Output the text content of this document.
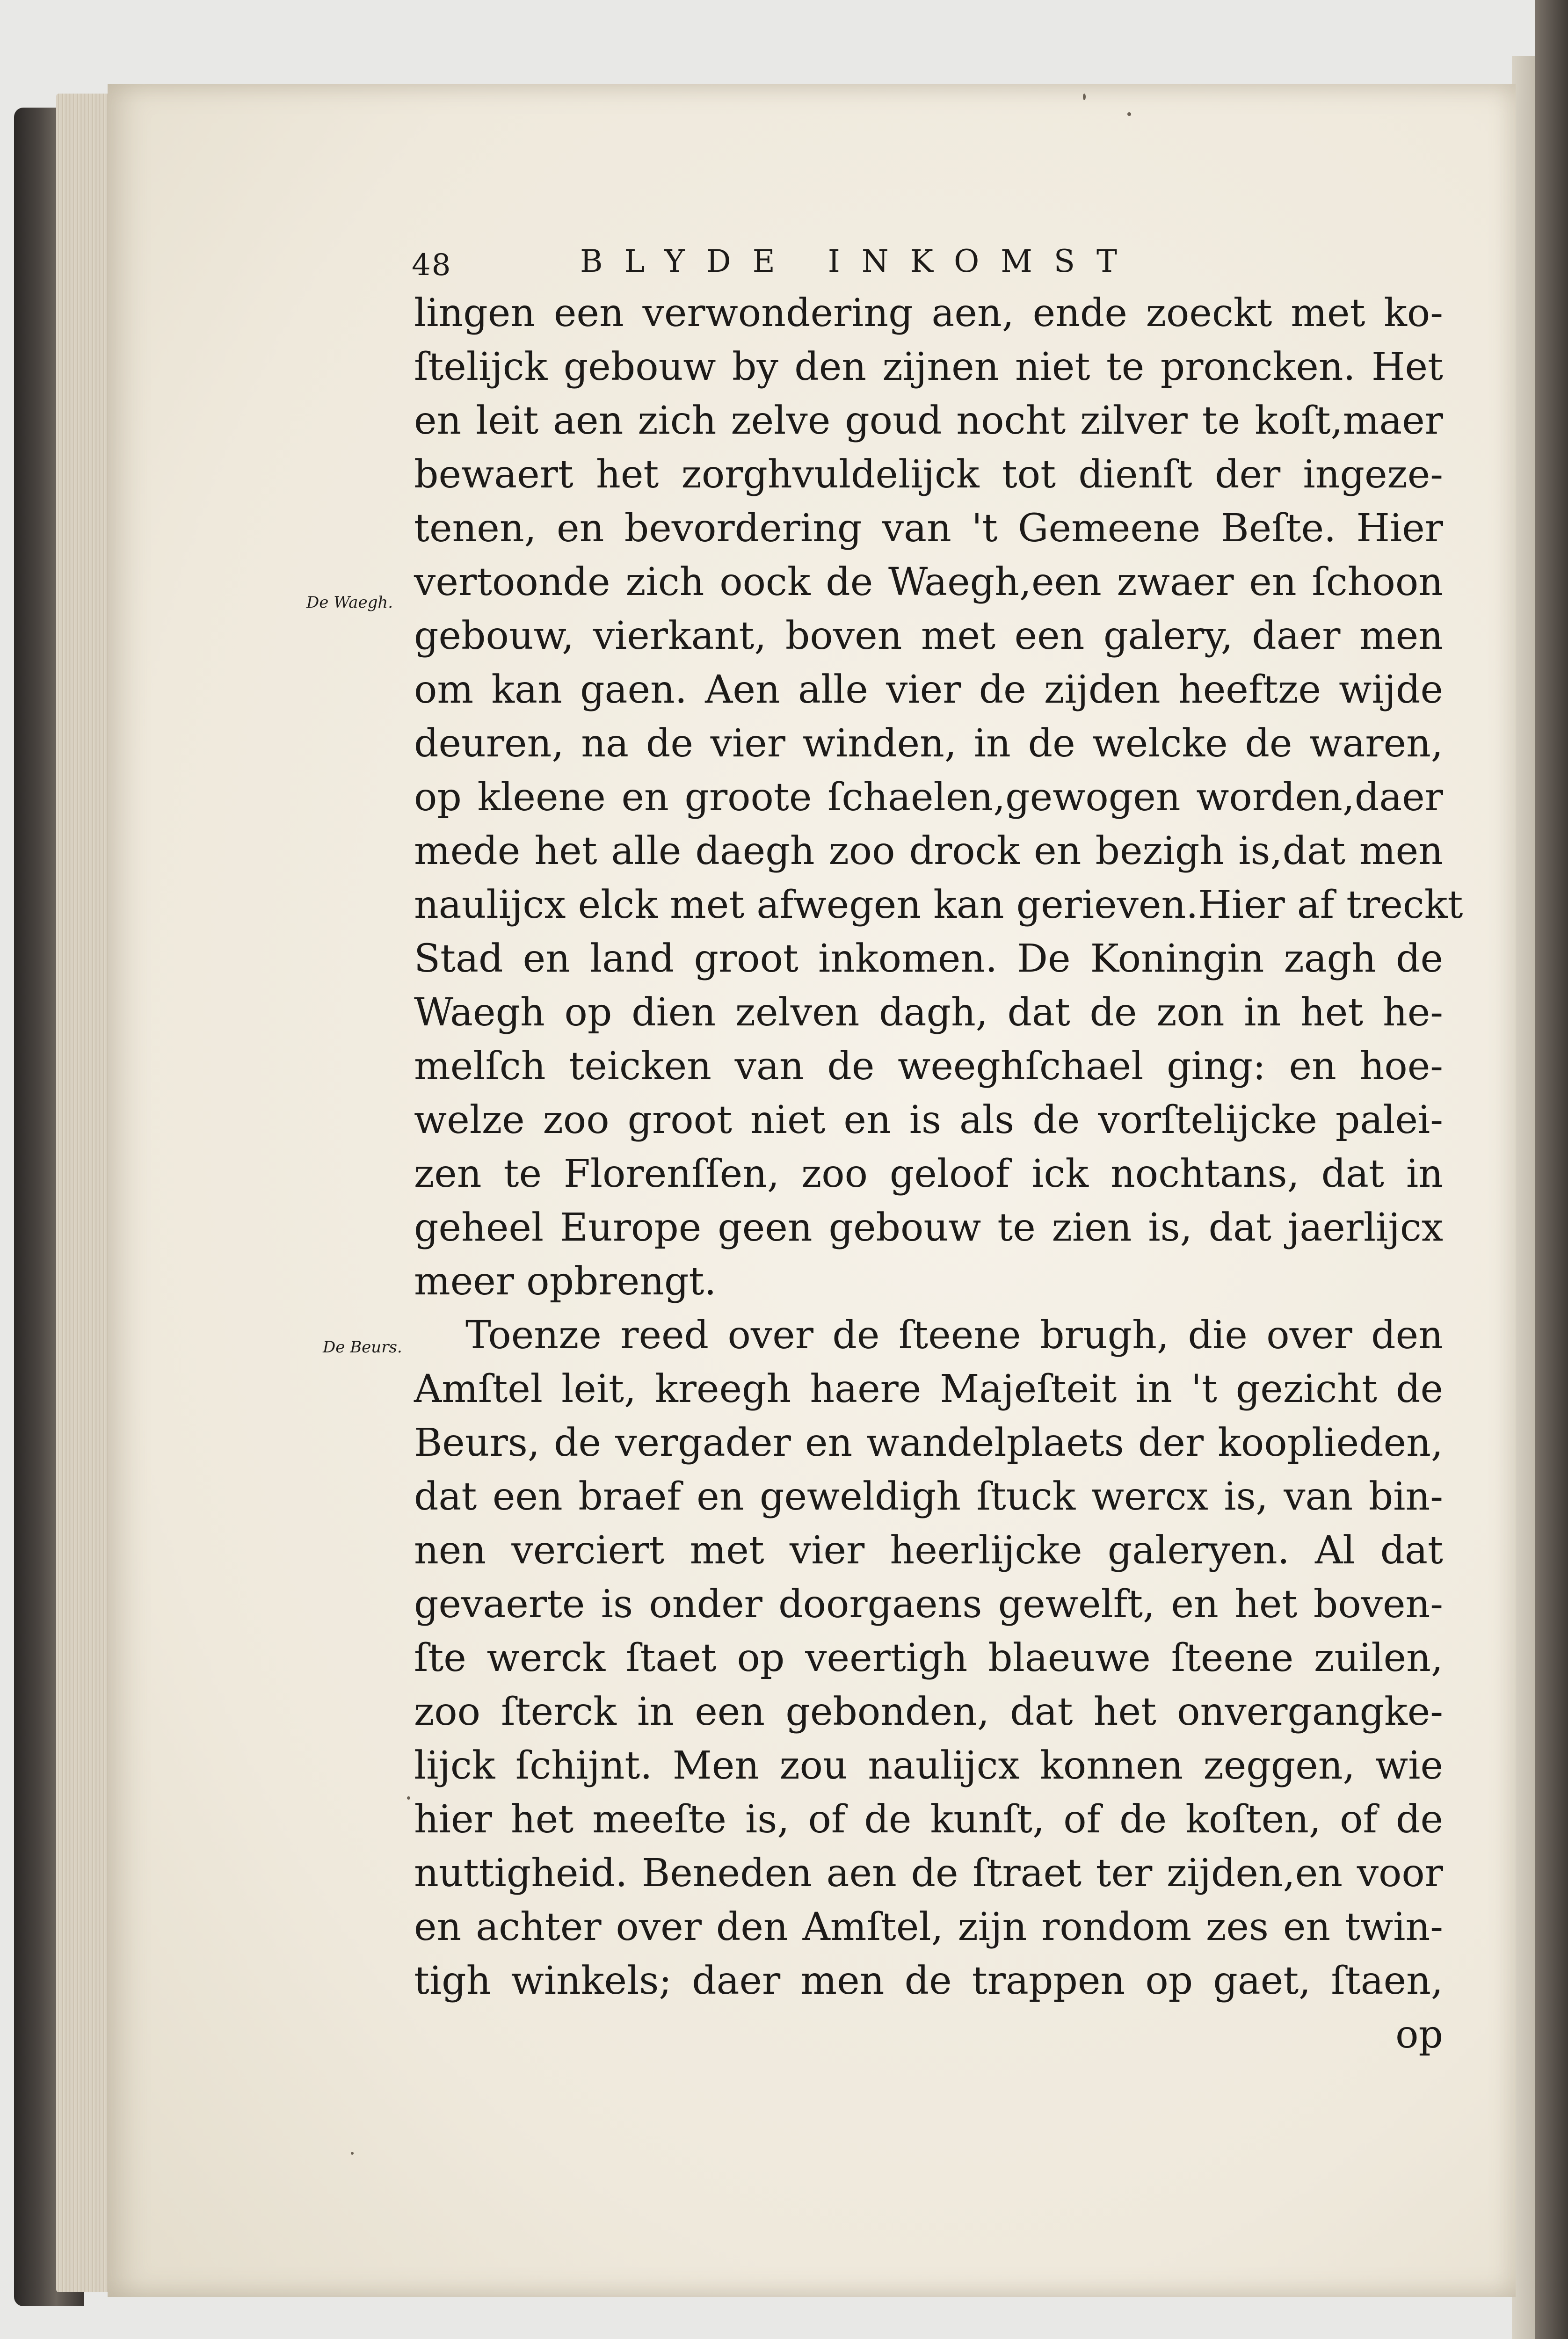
48	BLYDE INKOMST
De Waegh.
De Beurs.
lingen een verwondering aen, ende zoeckt met ko-
ſtelijck gebouw by den zijnen niet te proncken. Het
en leit aen zich zelve goud nocht zilver te koſt,maer
bewaert het zorghvuldelijck tot dienſt der ingeze-
tenen, en bevordering van 't Gemeene Beſte. Hier
vertoonde zich oock de Waegh,een zwaer en ſchoon
gebouw, vierkant, boven met een galery, daer men
om kan gaen. Aen alle vier de zijden heeftze wijde
deuren, na de vier winden, in de welcke de waren,
op kleene en groote ſchaelen,gewogen worden,daer
mede het alle daegh zoo drock en bezigh is,dat men
naulijcx elck met afwegen kan gerieven.Hier af treckt
Stad en land groot inkomen. De Koningin zagh de
Waegh op dien zelven dagh, dat de zon in het he-
melſch teicken van de weeghſchael ging: en hoe-
welze zoo groot niet en is als de vorſtelijcke palei-
zen te Florenſſen, zoo geloof ick nochtans, dat in
geheel Europe geen gebouw te zien is, dat jaerlijcx
meer opbrengt.
Toenze reed over de ſteene brugh, die over den
Amſtel leit, kreegh haere Majeſteit in 't gezicht de
Beurs, de vergader en wandelplaets der kooplieden,
dat een braef en geweldigh ſtuck wercx is, van bin-
nen verciert met vier heerlijcke galeryen. Al dat
gevaerte is onder doorgaens gewelft, en het boven-
ſte werck ſtaet op veertigh blaeuwe ſteene zuilen,
zoo ſterck in een gebonden, dat het onvergangke-
lijck ſchijnt. Men zou naulijcx konnen zeggen, wie
hier het meeſte is, of de kunſt, of de koſten, of de
nuttigheid. Beneden aen de ſtraet ter zijden,en voor
en achter over den Amſtel, zijn rondom zes en twin-
tigh winkels; daer men de trappen op gaet, ſtaen,
op
